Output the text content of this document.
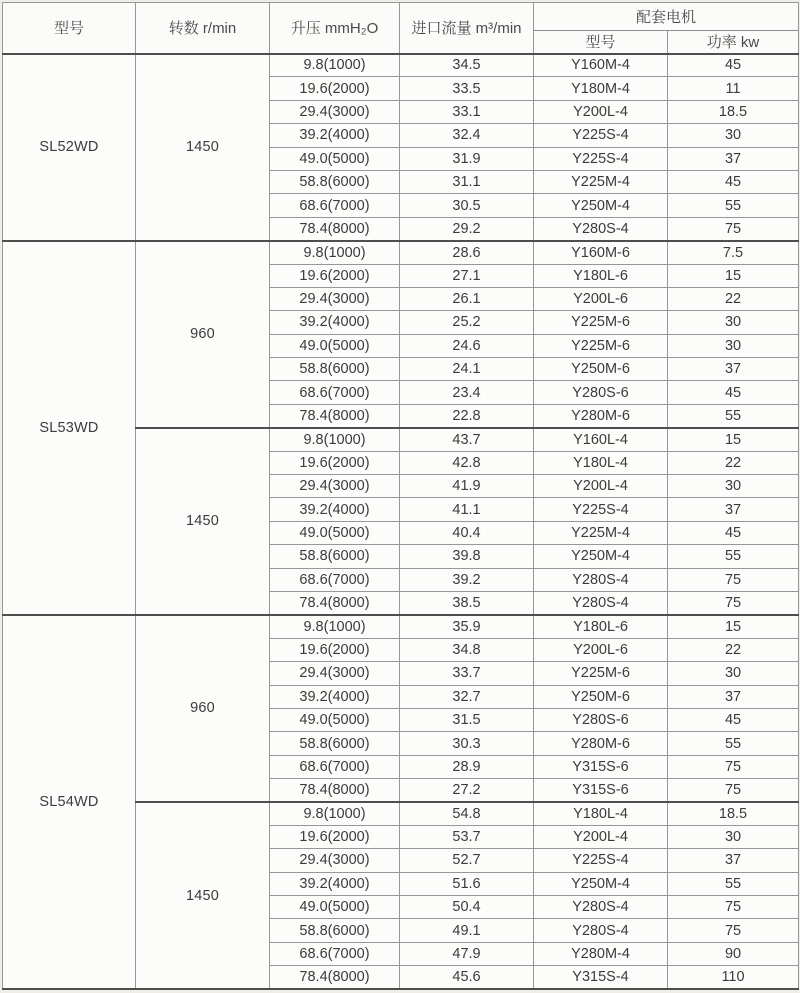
型号	转数 r/min	升压 mmH₂O	进口流量 m³/min	配套电机	
				型号	功率 kw
SL52WD	1450	9.8(1000)	34.5	Y160M-4	45
		19.6(2000)	33.5	Y180M-4	11
		29.4(3000)	33.1	Y200L-4	18.5
		39.2(4000)	32.4	Y225S-4	30
		49.0(5000)	31.9	Y225S-4	37
		58.8(6000)	31.1	Y225M-4	45
		68.6(7000)	30.5	Y250M-4	55
		78.4(8000)	29.2	Y280S-4	75
SL53WD	960	9.8(1000)	28.6	Y160M-6	7.5
		19.6(2000)	27.1	Y180L-6	15
		29.4(3000)	26.1	Y200L-6	22
		39.2(4000)	25.2	Y225M-6	30
		49.0(5000)	24.6	Y225M-6	30
		58.8(6000)	24.1	Y250M-6	37
		68.6(7000)	23.4	Y280S-6	45
		78.4(8000)	22.8	Y280M-6	55
	1450	9.8(1000)	43.7	Y160L-4	15
		19.6(2000)	42.8	Y180L-4	22
		29.4(3000)	41.9	Y200L-4	30
		39.2(4000)	41.1	Y225S-4	37
		49.0(5000)	40.4	Y225M-4	45
		58.8(6000)	39.8	Y250M-4	55
		68.6(7000)	39.2	Y280S-4	75
		78.4(8000)	38.5	Y280S-4	75
SL54WD	960	9.8(1000)	35.9	Y180L-6	15
		19.6(2000)	34.8	Y200L-6	22
		29.4(3000)	33.7	Y225M-6	30
		39.2(4000)	32.7	Y250M-6	37
		49.0(5000)	31.5	Y280S-6	45
		58.8(6000)	30.3	Y280M-6	55
		68.6(7000)	28.9	Y315S-6	75
		78.4(8000)	27.2	Y315S-6	75
	1450	9.8(1000)	54.8	Y180L-4	18.5
		19.6(2000)	53.7	Y200L-4	30
		29.4(3000)	52.7	Y225S-4	37
		39.2(4000)	51.6	Y250M-4	55
		49.0(5000)	50.4	Y280S-4	75
		58.8(6000)	49.1	Y280S-4	75
		68.6(7000)	47.9	Y280M-4	90
		78.4(8000)	45.6	Y315S-4	110
